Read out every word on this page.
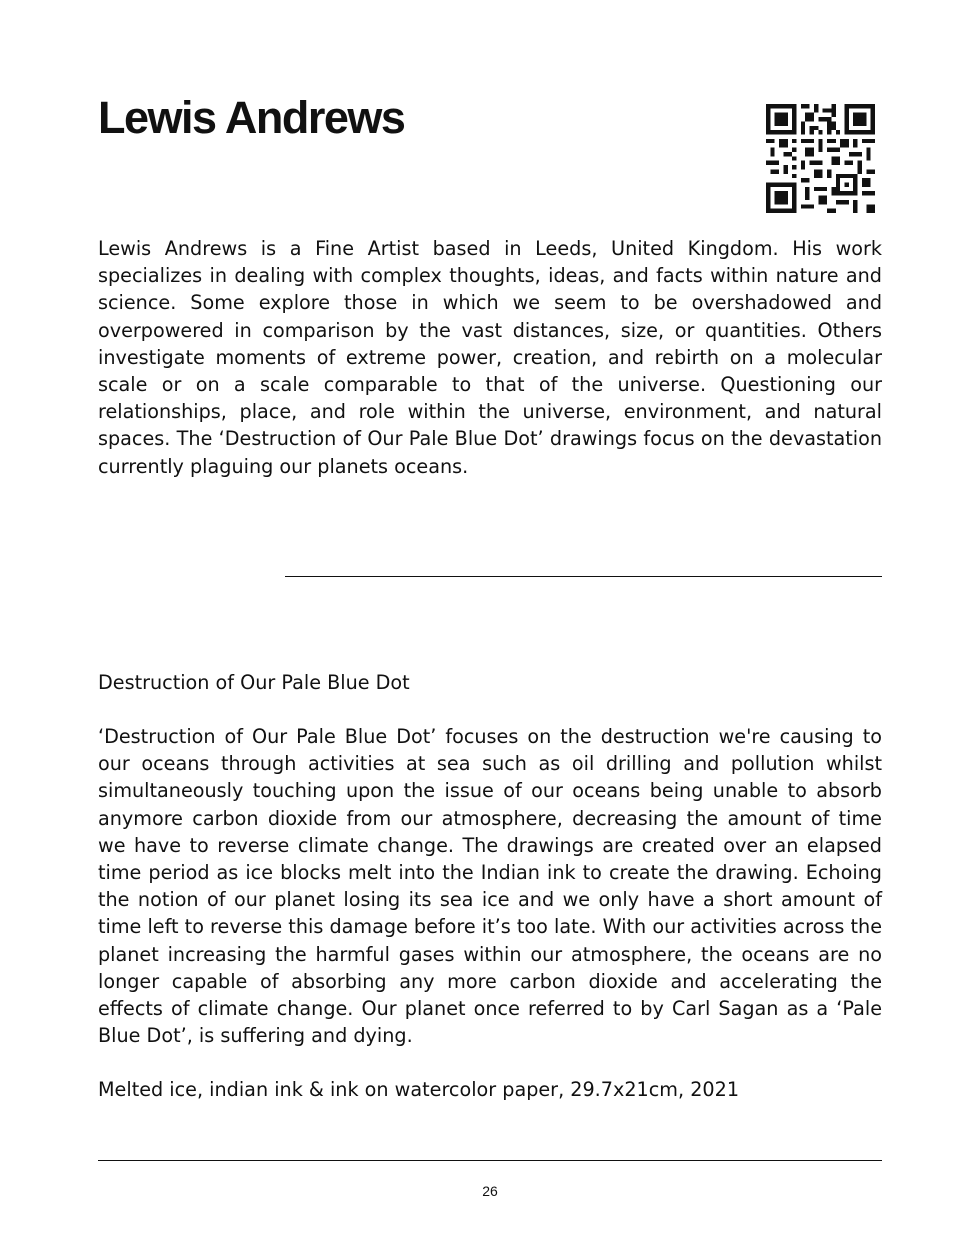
Lewis Andrews

Lewis Andrews is a Fine Artist based in Leeds, United Kingdom. His work specializes in dealing with complex thoughts, ideas, and facts within nature and science. Some explore those in which we seem to be overshadowed and overpowered in comparison by the vast distances, size, or quantities. Others investigate moments of extreme power, creation, and rebirth on a molecular scale or on a scale comparable to that of the universe. Questioning our relationships, place, and role within the universe, environment, and natural spaces. The ‘Destruction of Our Pale Blue Dot’ drawings focus on the devastation currently plaguing our planets oceans.

Destruction of Our Pale Blue Dot

‘Destruction of Our Pale Blue Dot’ focuses on the destruction we're causing to our oceans through activities at sea such as oil drilling and pollution whilst simultaneously touching upon the issue of our oceans being unable to absorb anymore carbon dioxide from our atmosphere, decreasing the amount of time we have to reverse climate change. The drawings are created over an elapsed time period as ice blocks melt into the Indian ink to create the drawing. Echoing the notion of our planet losing its sea ice and we only have a short amount of time left to reverse this damage before it’s too late. With our activities across the planet increasing the harmful gases within our atmosphere, the oceans are no longer capable of absorbing any more carbon dioxide and accelerating the effects of climate change. Our planet once referred to by Carl Sagan as a ‘Pale Blue Dot’, is suffering and dying.

Melted ice, indian ink & ink on watercolor paper, 29.7x21cm, 2021

26
